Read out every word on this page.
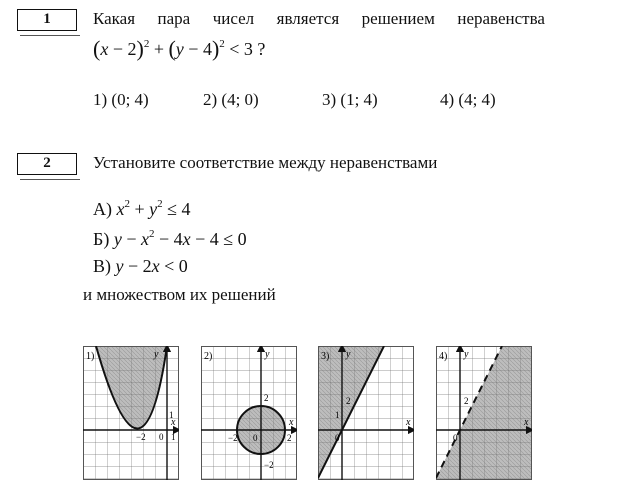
1	Какая пара чисел является решением неравенства
$(x - 2)^2 + (y - 4)^2 < 3$ ?
1) (0; 4)	2) (4; 0)	3) (1; 4)	4) (4; 4)
2	Установите соответствие между неравенствами
А) $x^2 + y^2 \le 4$
Б) $y - x^2 - 4x - 4 \le 0$
В) y − 2x < 0
и множеством их решений
1)	y
x
−2 0 1
1
2)	y
x
2
−2 0	2
−2
3) y
x
2
1
0
4) y
x
2
0
